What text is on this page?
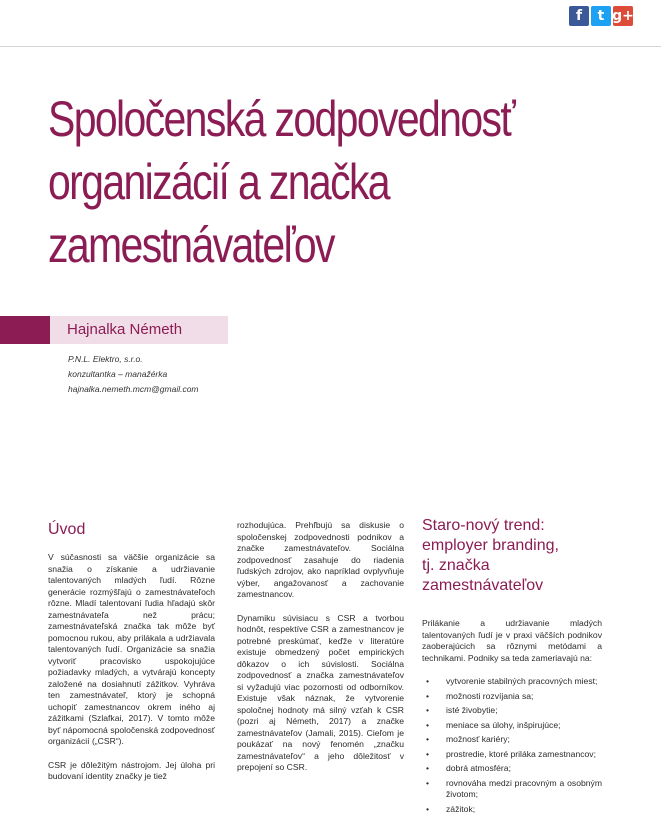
f	t g+
Spoločenská zodpovednosť
organizácií a značka
zamestnávateľov
Hajnalka Németh
P.N.L. Elektro, s.r.o.
konzultantka – manažérka
hajnalka.nemeth.mcm@gmail.com
Úvod

V súčasnosti sa väčšie organizácie sa snažia o získanie a udržiavanie talentovaných mladých ľudí. Rôzne generácie rozmýšľajú o zamestnávateľoch rôzne. Mladí talentovaní ľudia hľadajú skôr zamestnávateľa než prácu; zamestnávateľská značka tak môže byť pomocnou rukou, aby prilákala a udržiavala talentovaných ľudí. Organizácie sa snažia vytvoriť pracovisko uspokojujúce požiadavky mladých, a vytvárajú koncepty založené na dosiahnutí zážitkov. Vyhráva ten zamestnávateľ, ktorý je schopná uchopiť zamestnancov okrem iného aj zážitkami (Szlafkai, 2017). V tomto môže byť nápomocná spoločenská zodpovednosť organizácií („CSR“).

CSR je dôležitým nástrojom. Jej úloha pri budovaní identity značky je tiež

rozhodujúca. Prehľbujú sa diskusie o spoločenskej zodpovednosti podnikov a značke zamestnávateľov. Sociálna zodpovednosť zasahuje do riadenia ľudských zdrojov, ako napríklad ovplyvňuje výber, angažovanosť a zachovanie zamestnancov.

Dynamiku súvisiacu s CSR a tvorbou hodnôt, respektíve CSR a zamestnancov je potrebné preskúmať, keďže v literatúre existuje obmedzený počet empirických dôkazov o ich súvislosti. Sociálna zodpovednosť a značka zamestnávateľov si vyžadujú viac pozornosti od odborníkov. Existuje však náznak, že vytvorenie spoločnej hodnoty má silný vzťah k CSR (pozri aj Németh, 2017) a značke zamestnávateľov (Jamali, 2015). Cieľom je poukázať na nový fenomén „značku zamestnávateľov“ a jeho dôležitosť v prepojení so CSR.

Staro-nový trend:
employer branding,
tj. značka zamestnávateľov

Prilákanie a udržiavanie mladých talentovaných ľudí je v praxi väčších podnikov zaoberajúcich sa rôznymi metódami a technikami. Podniky sa teda zameriavajú na:

• vytvorenie stabilných pracovných miest;
• možnosti rozvíjania sa;
• isté živobytie;
• meniace sa úlohy, inšpirujúce;
• možnosť kariéry;
• prostredie, ktoré priláka zamestnancov;
• dobrá atmosféra;
• rovnováha medzi pracovným a osobným životom;
• zážitok;
